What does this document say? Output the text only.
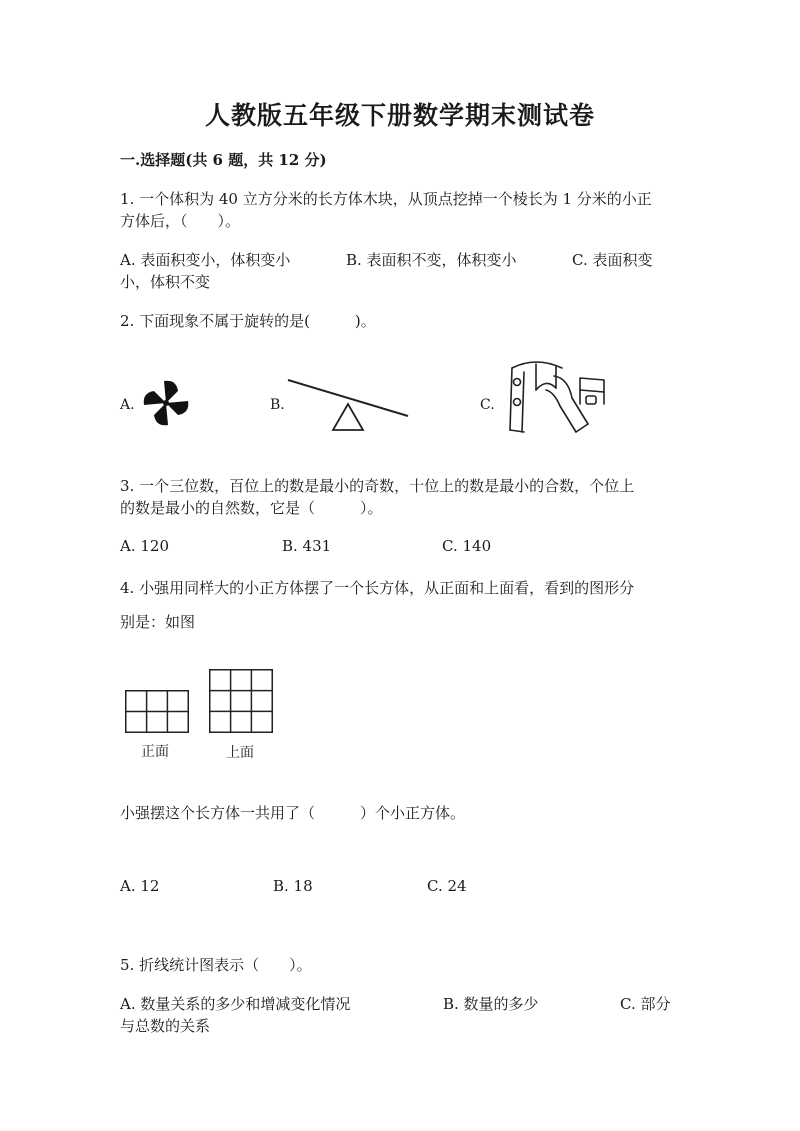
人教版五年级下册数学期末测试卷
一.选择题(共 6 题，共 12 分)
1. 一个体积为 40 立方分米的长方体木块，从顶点挖掉一个棱长为 1 分米的小正
方体后，（　　）。
A. 表面积变小，体积变小	B. 表面积不变，体积变小	C. 表面积变
小，体积不变
2. 下面现象不属于旋转的是(　　　)。
A.	B.	C.
3. 一个三位数，百位上的数是最小的奇数，十位上的数是最小的合数，个位上
的数是最小的自然数，它是（　　　）。
A. 120	B. 431	C. 140
4. 小强用同样大的小正方体摆了一个长方体，从正面和上面看，看到的图形分
别是：如图
正面	上面
小强摆这个长方体一共用了（　　　）个小正方体。
A. 12	B. 18	C. 24
5. 折线统计图表示（　　）。
A. 数量关系的多少和增减变化情况	B. 数量的多少	C. 部分
与总数的关系
